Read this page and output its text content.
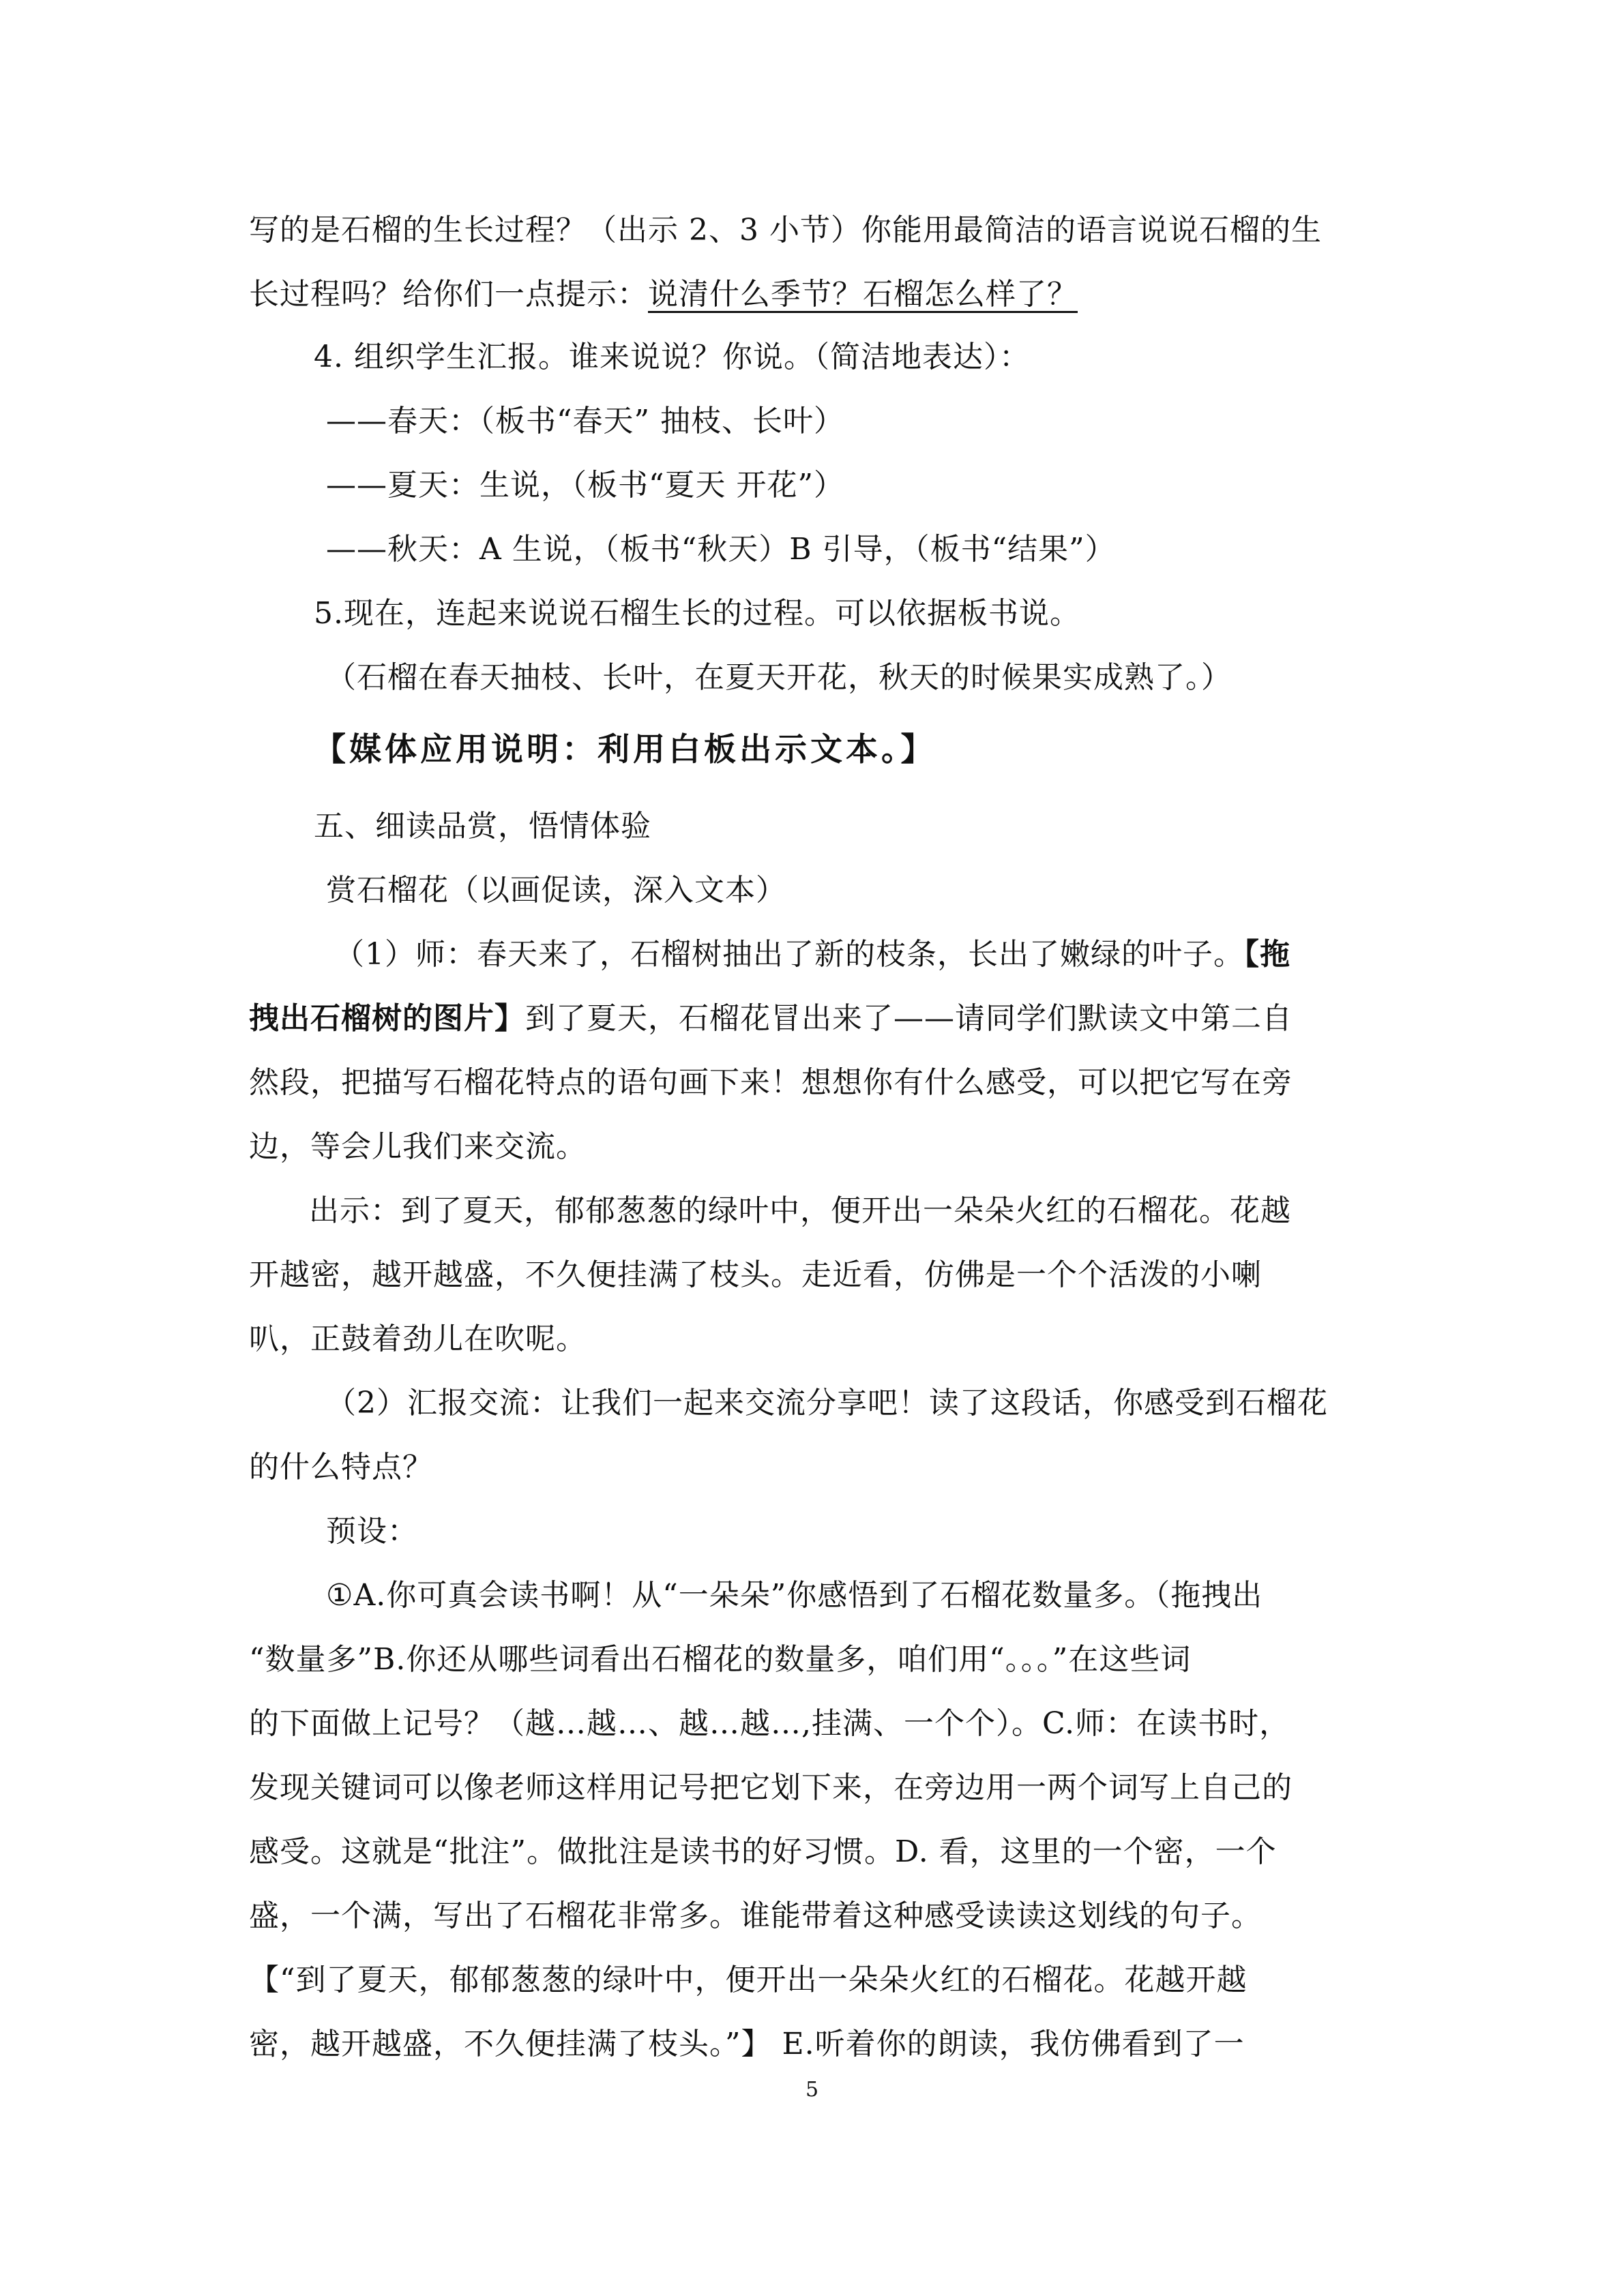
写的是石榴的生长过程？（出示 2、3 小节）你能用最简洁的语言说说石榴的生
长过程吗？给你们一点提示：说清什么季节？石榴怎么样了？
4. 组织学生汇报。谁来说说？你说。（简洁地表达）：
——春天：（板书“春天” 抽枝、长叶）
——夏天：生说，（板书“夏天 开花”）
——秋天：A 生说，（板书“秋天）B 引导，（板书“结果”）
5.现在，连起来说说石榴生长的过程。可以依据板书说。
（石榴在春天抽枝、长叶，在夏天开花，秋天的时候果实成熟了。）
【媒体应用说明：利用白板出示文本。】
五、细读品赏，悟情体验
赏石榴花（以画促读，深入文本）
（1）师：春天来了，石榴树抽出了新的枝条，长出了嫩绿的叶子。【拖
拽出石榴树的图片】到了夏天，石榴花冒出来了——请同学们默读文中第二自
然段，把描写石榴花特点的语句画下来！想想你有什么感受，可以把它写在旁
边，等会儿我们来交流。
出示：到了夏天，郁郁葱葱的绿叶中，便开出一朵朵火红的石榴花。花越
开越密，越开越盛，不久便挂满了枝头。走近看，仿佛是一个个活泼的小喇
叭，正鼓着劲儿在吹呢。
（2）汇报交流：让我们一起来交流分享吧！读了这段话，你感受到石榴花
的什么特点？
预设：
①A.你可真会读书啊！从“一朵朵”你感悟到了石榴花数量多。（拖拽出
“数量多”B.你还从哪些词看出石榴花的数量多，咱们用“。。。”在这些词
的下面做上记号？（越…越…、越…越…,挂满、一个个）。C.师：在读书时，
发现关键词可以像老师这样用记号把它划下来，在旁边用一两个词写上自己的
感受。这就是“批注”。做批注是读书的好习惯。D. 看，这里的一个密，一个
盛，一个满，写出了石榴花非常多。谁能带着这种感受读读这划线的句子。
【“到了夏天，郁郁葱葱的绿叶中，便开出一朵朵火红的石榴花。花越开越
密，越开越盛，不久便挂满了枝头。”】 E.听着你的朗读，我仿佛看到了一
5
